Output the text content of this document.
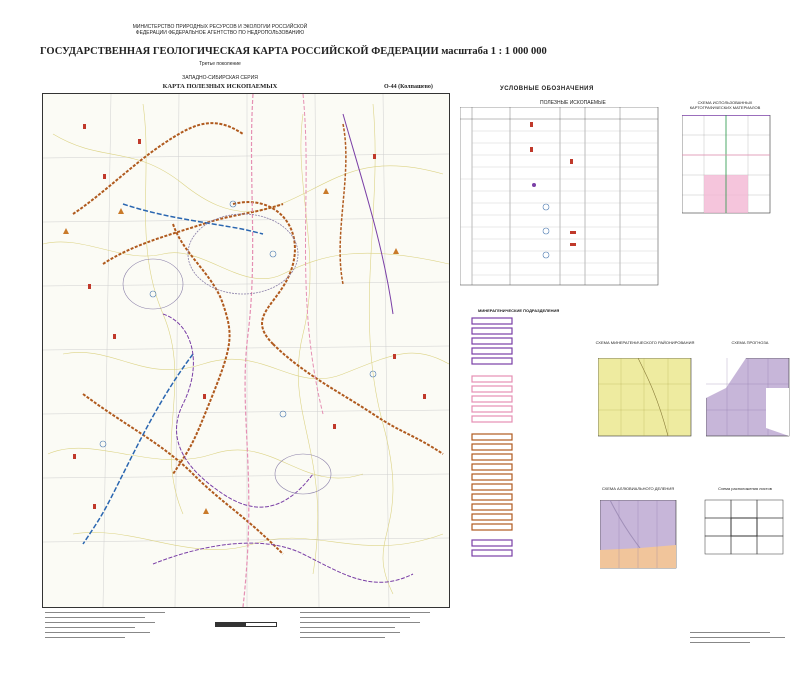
МИНИСТЕРСТВО ПРИРОДНЫХ РЕСУРСОВ И ЭКОЛОГИИ РОССИЙСКОЙ ФЕДЕРАЦИИ ФЕДЕРАЛЬНОЕ АГЕНТСТВО ПО НЕДРОПОЛЬЗОВАНИЮ
ГОСУДАРСТВЕННАЯ ГЕОЛОГИЧЕСКАЯ КАРТА РОССИЙСКОЙ ФЕДЕРАЦИИ масштаба 1 : 1 000 000
Третье поколение
ЗАПАДНО-СИБИРСКАЯ СЕРИЯ
КАРТА ПОЛЕЗНЫХ ИСКОПАЕМЫХ	О-44 (Колпашево)	УСЛОВНЫЕ ОБОЗНАЧЕНИЯ
ПОЛЕЗНЫЕ ИСКОПАЕМЫЕ
МИНЕРАГЕНИЧЕСКИЕ ПОДРАЗДЕЛЕНИЯ
СХЕМА ИСПОЛЬЗОВАННЫХ КАРТОГРАФИЧЕСКИХ МАТЕРИАЛОВ
СХЕМА МИНЕРАГЕНИЧЕСКОГО РАЙОНИРОВАНИЯ	СХЕМА ПРОГНОЗА
СХЕМА АЛЛЮВИАЛЬНОГО ДЕЛЕНИЯ	Схема расположения листов
